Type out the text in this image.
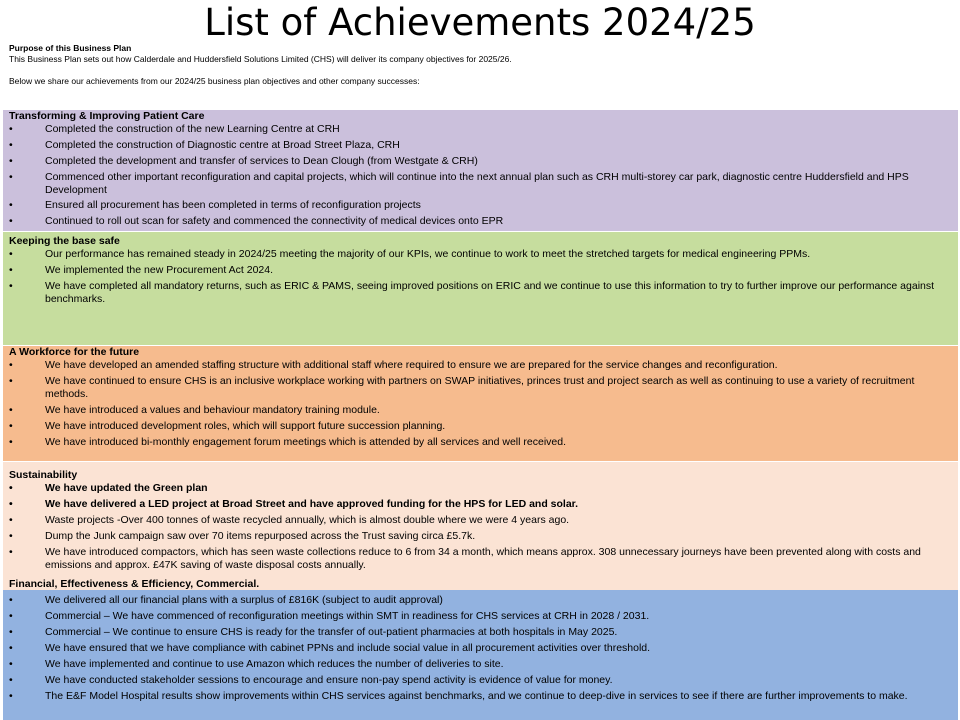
List of Achievements 2024/25

Purpose of this Business Plan

This Business Plan sets out how Calderdale and Huddersfield Solutions Limited (CHS) will deliver its company objectives for 2025/26.

Below we share our achievements from our 2024/25 business plan objectives and other company successes:

Transforming & Improving Patient Care
• Completed the construction of the new Learning Centre at CRH
• Completed the construction of Diagnostic centre at Broad Street Plaza, CRH
• Completed the development and transfer of services to Dean Clough (from Westgate & CRH)
• Commenced other important reconfiguration and capital projects, which will continue into the next annual plan such as CRH multi-storey car park, diagnostic centre Huddersfield and HPS Development
• Ensured all procurement has been completed in terms of reconfiguration projects
• Continued to roll out scan for safety and commenced the connectivity of medical devices onto EPR
Keeping the base safe
• Our performance has remained steady in 2024/25 meeting the majority of our KPIs, we continue to work to meet the stretched targets for medical engineering PPMs.
• We implemented the new Procurement Act 2024.
• We have completed all mandatory returns, such as ERIC & PAMS, seeing improved positions on ERIC and we continue to use this information to try to further improve our performance against benchmarks.
A Workforce for the future
• We have developed an amended staffing structure with additional staff where required to ensure we are prepared for the service changes and reconfiguration.
• We have continued to ensure CHS is an inclusive workplace working with partners on SWAP initiatives, princes trust and project search as well as continuing to use a variety of recruitment methods.
• We have introduced a values and behaviour mandatory training module.
• We have introduced development roles, which will support future succession planning.
• We have introduced bi-monthly engagement forum meetings which is attended by all services and well received.
Sustainability
• We have updated the Green plan
• We have delivered a LED project at Broad Street and have approved funding for the HPS for LED and solar.
• Waste projects -Over 400 tonnes of waste recycled annually, which is almost double where we were 4 years ago.
• Dump the Junk campaign saw over 70 items repurposed across the Trust saving circa £5.7k.
• We have introduced compactors, which has seen waste collections reduce to 6 from 34 a month, which means approx. 308 unnecessary journeys have been prevented along with costs and emissions and approx. £47K saving of waste disposal costs annually.
• We delivered all our financial plans with a surplus of £816K (subject to audit approval)
• Commercial – We have commenced of reconfiguration meetings within SMT in readiness for CHS services at CRH in 2028 / 2031.
• Commercial – We continue to ensure CHS is ready for the transfer of out-patient pharmacies at both hospitals in May 2025.
• We have ensured that we have compliance with cabinet PPNs and include social value in all procurement activities over threshold.
• We have implemented and continue to use Amazon which reduces the number of deliveries to site.
• We have conducted stakeholder sessions to encourage and ensure non-pay spend activity is evidence of value for money.
• The E&F Model Hospital results show improvements within CHS services against benchmarks, and we continue to deep-dive in services to see if there are further improvements to make.
